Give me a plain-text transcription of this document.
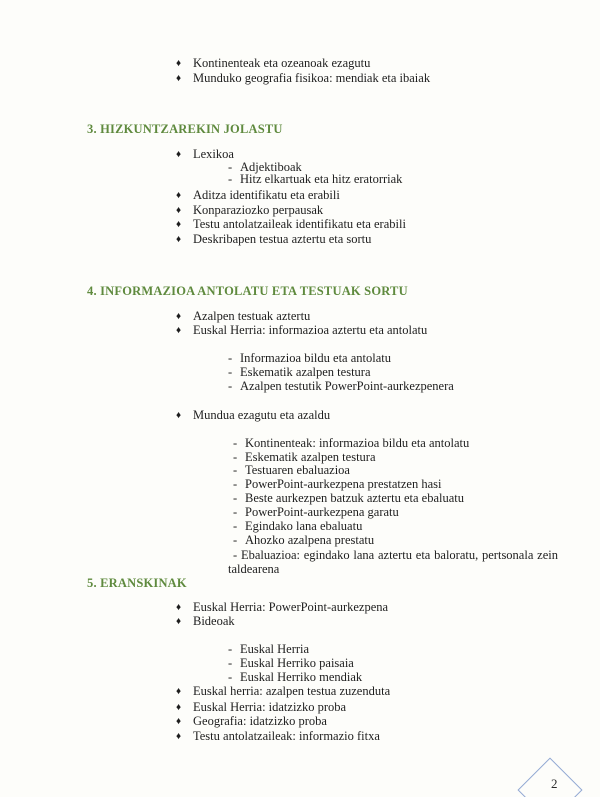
♦ Kontinenteak eta ozeanoak ezagutu
♦ Munduko geografia fisikoa: mendiak eta ibaiak
3. HIZKUNTZAREKIN JOLASTU
♦ Lexikoa
- Adjektiboak
- Hitz elkartuak eta hitz eratorriak
♦ Aditza identifikatu eta erabili
♦ Konparaziozko perpausak
♦ Testu antolatzaileak identifikatu eta erabili
♦ Deskribapen testua aztertu eta sortu
4. INFORMAZIOA ANTOLATU ETA TESTUAK SORTU
♦ Azalpen testuak aztertu
♦ Euskal Herria: informazioa aztertu eta antolatu
- Informazioa bildu eta antolatu
- Eskematik azalpen testura
- Azalpen testutik PowerPoint-aurkezpenera
♦ Mundua ezagutu eta azaldu
- Kontinenteak: informazioa bildu eta antolatu
- Eskematik azalpen testura
- Testuaren ebaluazioa
- PowerPoint-aurkezpena prestatzen hasi
- Beste aurkezpen batzuk aztertu eta ebaluatu
- PowerPoint-aurkezpena garatu
- Egindako lana ebaluatu
- Ahozko azalpena prestatu
- Ebaluazioa: egindako lana aztertu eta baloratu, pertsonala zein taldearena
5. ERANSKINAK
♦ Euskal Herria: PowerPoint-aurkezpena
♦ Bideoak
- Euskal Herria
- Euskal Herriko paisaia
- Euskal Herriko mendiak
♦ Euskal herria: azalpen testua zuzenduta
♦ Euskal Herria: idatzizko proba
♦ Geografia: idatzizko proba
♦ Testu antolatzaileak: informazio fitxa
2
